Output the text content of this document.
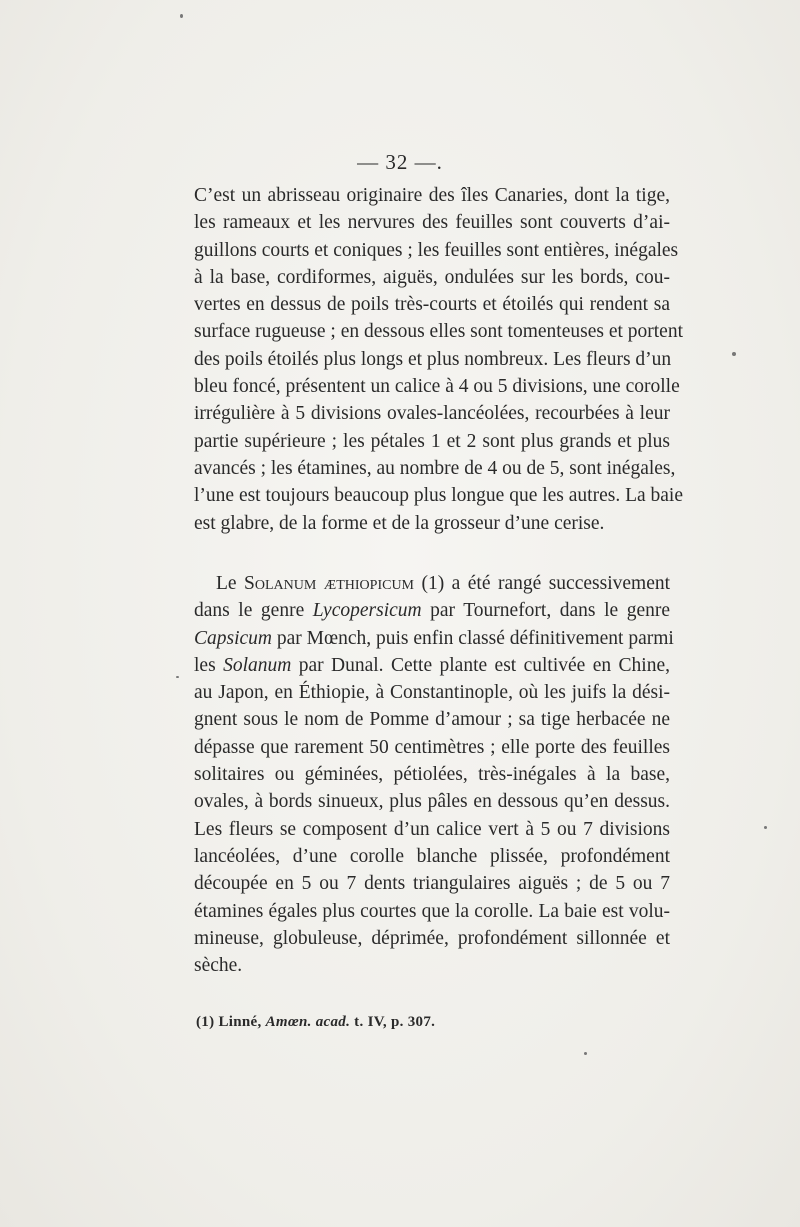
— 32 —.

C’est un abrisseau originaire des îles Canaries, dont la tige,
les rameaux et les nervures des feuilles sont couverts d’ai-
guillons courts et coniques ; les feuilles sont entières, inégales
à la base, cordiformes, aiguës, ondulées sur les bords, cou-
vertes en dessus de poils très-courts et étoilés qui rendent sa
surface rugueuse ; en dessous elles sont tomenteuses et portent
des poils étoilés plus longs et plus nombreux. Les fleurs d’un
bleu foncé, présentent un calice à 4 ou 5 divisions, une corolle
irrégulière à 5 divisions ovales-lancéolées, recourbées à leur
partie supérieure ; les pétales 1 et 2 sont plus grands et plus
avancés ; les étamines, au nombre de 4 ou de 5, sont inégales,
l’une est toujours beaucoup plus longue que les autres. La baie
est glabre, de la forme et de la grosseur d’une cerise.

Le Solanum æthiopicum (1) a été rangé successivement
dans le genre Lycopersicum par Tournefort, dans le genre
Capsicum par Mœnch, puis enfin classé définitivement parmi
les Solanum par Dunal. Cette plante est cultivée en Chine,
au Japon, en Éthiopie, à Constantinople, où les juifs la dési-
gnent sous le nom de Pomme d’amour ; sa tige herbacée ne
dépasse que rarement 50 centimètres ; elle porte des feuilles
solitaires ou géminées, pétiolées, très-inégales à la base,
ovales, à bords sinueux, plus pâles en dessous qu’en dessus.
Les fleurs se composent d’un calice vert à 5 ou 7 divisions
lancéolées, d’une corolle blanche plissée, profondément
découpée en 5 ou 7 dents triangulaires aiguës ; de 5 ou 7
étamines égales plus courtes que la corolle. La baie est volu-
mineuse, globuleuse, déprimée, profondément sillonnée et
sèche.

(1) Linné, Amœn. acad. t. IV, p. 307.
